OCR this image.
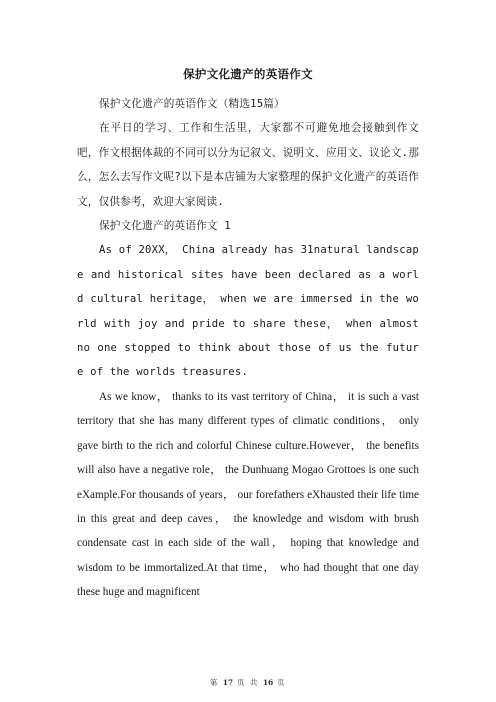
保护文化遗产的英语作文

保护文化遗产的英语作文（精选15篇）

在平日的学习、工作和生活里，大家都不可避免地会接触到作文吧，作文根据体裁的不同可以分为记叙文、说明文、应用文、议论文.那么，怎么去写作文呢?以下是本店铺为大家整理的保护文化遗产的英语作文，仅供参考，欢迎大家阅读.

保护文化遗产的英语作文 1

As of 20XX， China already has 31natural landscape and historical sites have been declared as a world cultural heritage， when we are immersed in the world with joy and pride to share these， when almost no one stopped to think about those of us the future of the worlds treasures.

As we know， thanks to its vast territory of China， it is such a vast territory that she has many different types of climatic conditions， only gave birth to the rich and colorful Chinese culture.However， the benefits will also have a negative role， the Dunhuang Mogao Grottoes is one such eXample.For thousands of years， our forefathers eXhausted their life time in this great and deep caves， the knowledge and wisdom with brush condensate cast in each side of the wall， hoping that knowledge and wisdom to be immortalized.At that time， who had thought that one day these huge and magnificent

第 17 页 共 16 页
